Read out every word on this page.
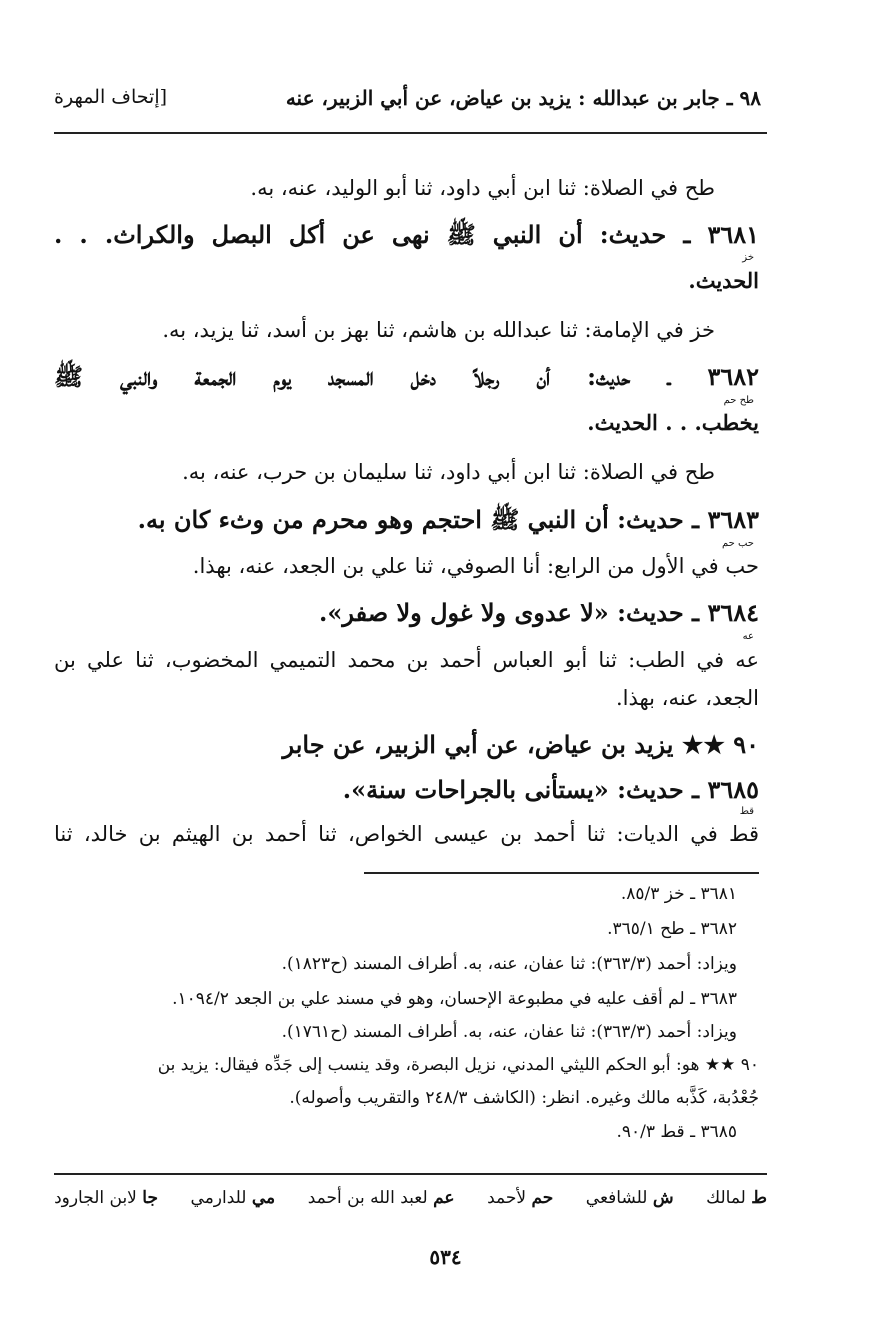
٩٨ ـ جابر بن عبدالله : يزيد بن عياض، عن أبي الزبير، عنه
[إتحاف المهرة
طح في الصلاة: ثنا ابن أبي داود، ثنا أبو الوليد، عنه، به.
٣٦٨١ ـ حديث: أن النبي ﷺ نهى عن أكل البصل والكراث. . .
خز
الحديث.
خز في الإمامة: ثنا عبدالله بن هاشم، ثنا بهز بن أسد، ثنا يزيد، به.
٣٦٨٢ ـ حديث: أن رجلاً دخل المسجد يوم الجمعة والنبي ﷺ
طح حم
يخطب. . . الحديث.
طح في الصلاة: ثنا ابن أبي داود، ثنا سليمان بن حرب، عنه، به.
٣٦٨٣ ـ حديث: أن النبي ﷺ احتجم وهو محرم من وثء كان به.
حب حم
حب في الأول من الرابع: أنا الصوفي، ثنا علي بن الجعد، عنه، بهذا.
٣٦٨٤ ـ حديث: «لا عدوى ولا غول ولا صفر».
عه
عه في الطب: ثنا أبو العباس أحمد بن محمد التميمي المخضوب، ثنا علي بن
الجعد، عنه، بهذا.
٩٠ ★★ يزيد بن عياض، عن أبي الزبير، عن جابر
٣٦٨٥ ـ حديث: «يستأنى بالجراحات سنة».
قط
قط في الديات: ثنا أحمد بن عيسى الخواص، ثنا أحمد بن الهيثم بن خالد، ثنا
٣٦٨١ ـ خز ٨٥/٣.
٣٦٨٢ ـ طح ٣٦٥/١.
ويزاد: أحمد (٣٦٣/٣): ثنا عفان، عنه، به. أطراف المسند (ح١٨٢٣).
٣٦٨٣ ـ لم أقف عليه في مطبوعة الإحسان، وهو في مسند علي بن الجعد ١٠٩٤/٢.
ويزاد: أحمد (٣٦٣/٣): ثنا عفان، عنه، به. أطراف المسند (ح١٧٦١).
٩٠ ★★ هو: أبو الحكم الليثي المدني، نزيل البصرة، وقد ينسب إلى جَدِّه فيقال: يزيد بن
جُعْدُبة، كَذَّبه مالك وغيره. انظر: (الكاشف ٢٤٨/٣ والتقريب وأصوله).
٣٦٨٥ ـ قط ٩٠/٣.
ط لمالك
ش للشافعي
حم لأحمد
عم لعبد الله بن أحمد
مي للدارمي
جا لابن الجارود
٥٣٤
